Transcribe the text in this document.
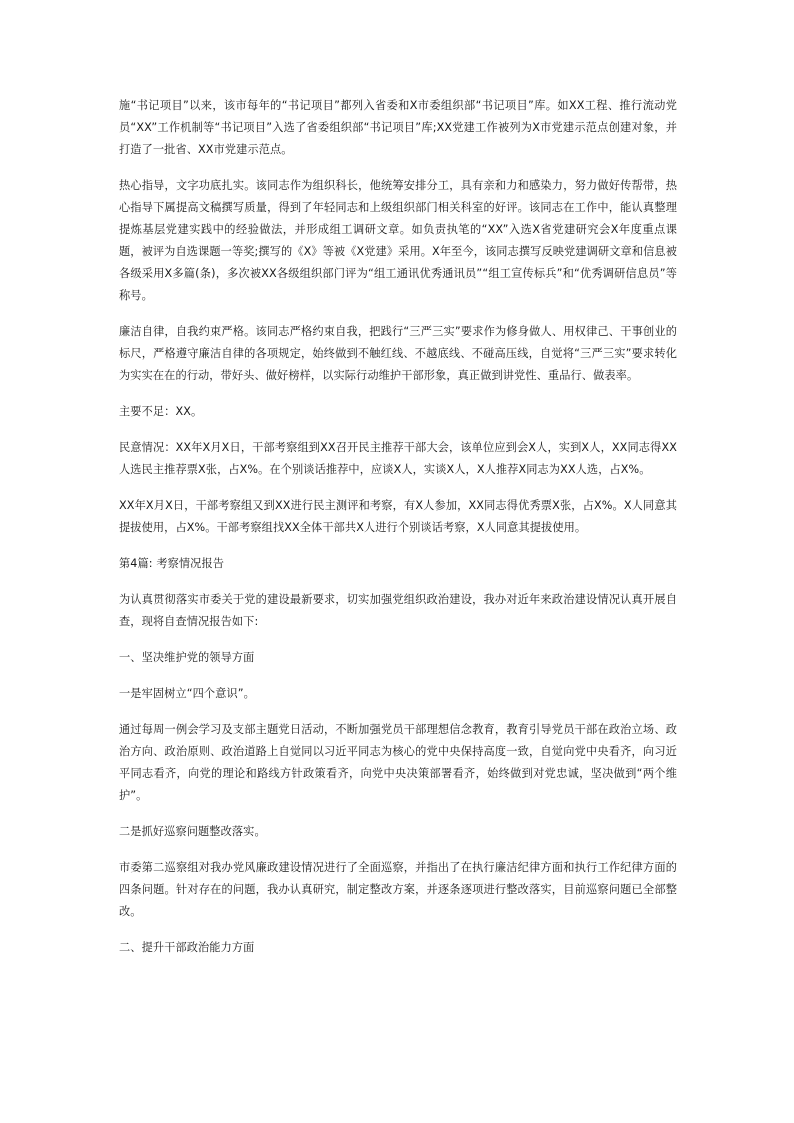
施“书记项目”以来，该市每年的“书记项目”都列入省委和X市委组织部“书记项目”库。如XX工程、推行流动党员“XX”工作机制等“书记项目”入选了省委组织部“书记项目”库;XX党建工作被列为X市党建示范点创建对象，并打造了一批省、XX市党建示范点。

热心指导，文字功底扎实。该同志作为组织科长，他统筹安排分工，具有亲和力和感染力，努力做好传帮带，热心指导下属提高文稿撰写质量，得到了年轻同志和上级组织部门相关科室的好评。该同志在工作中，能认真整理提炼基层党建实践中的经验做法，并形成组工调研文章。如负责执笔的“XX”入选X省党建研究会X年度重点课题，被评为自选课题一等奖;撰写的《X》等被《X党建》采用。X年至今，该同志撰写反映党建调研文章和信息被各级采用X多篇(条)，多次被XX各级组织部门评为“组工通讯优秀通讯员”“组工宣传标兵”和“优秀调研信息员”等称号。

廉洁自律，自我约束严格。该同志严格约束自我，把践行“三严三实”要求作为修身做人、用权律己、干事创业的标尺，严格遵守廉洁自律的各项规定，始终做到不触红线、不越底线、不碰高压线，自觉将“三严三实”要求转化为实实在在的行动，带好头、做好榜样，以实际行动维护干部形象，真正做到讲党性、重品行、做表率。

主要不足：XX。

民意情况：XX年X月X日，干部考察组到XX召开民主推荐干部大会，该单位应到会X人，实到X人，XX同志得XX人选民主推荐票X张，占X%。在个别谈话推荐中，应谈X人，实谈X人，X人推荐X同志为XX人选，占X%。

XX年X月X日，干部考察组又到XX进行民主测评和考察，有X人参加，XX同志得优秀票X张，占X%。X人同意其提拔使用，占X%。干部考察组找XX全体干部共X人进行个别谈话考察，X人同意其提拔使用。

第4篇: 考察情况报告

为认真贯彻落实市委关于党的建设最新要求，切实加强党组织政治建设，我办对近年来政治建设情况认真开展自查，现将自查情况报告如下:

一、坚决维护党的领导方面

一是牢固树立“四个意识”。

通过每周一例会学习及支部主题党日活动，不断加强党员干部理想信念教育，教育引导党员干部在政治立场、政治方向、政治原则、政治道路上自觉同以习近平同志为核心的党中央保持高度一致，自觉向党中央看齐，向习近平同志看齐，向党的理论和路线方针政策看齐，向党中央决策部署看齐，始终做到对党忠诚，坚决做到“两个维护”。

二是抓好巡察问题整改落实。

市委第二巡察组对我办党风廉政建设情况进行了全面巡察，并指出了在执行廉洁纪律方面和执行工作纪律方面的四条问题。针对存在的问题，我办认真研究，制定整改方案，并逐条逐项进行整改落实，目前巡察问题已全部整改。

二、提升干部政治能力方面
